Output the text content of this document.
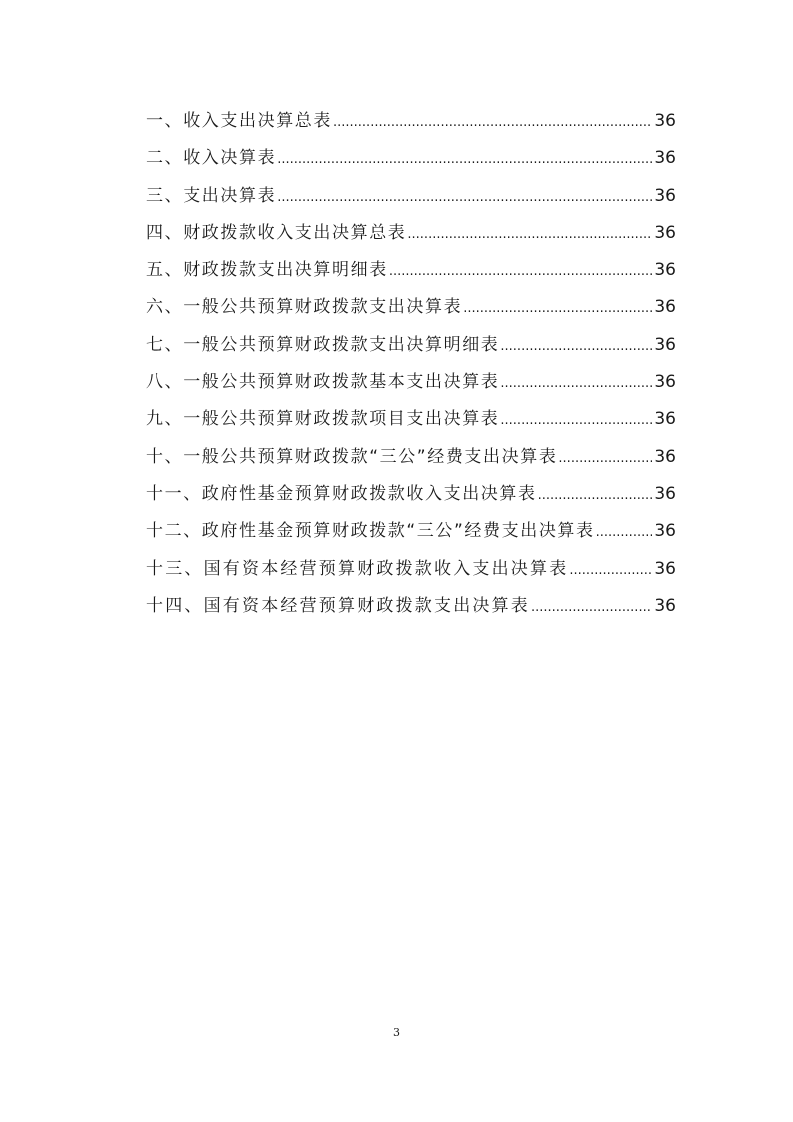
一、收入支出决算总表 .....	36
二、收入决算表 .....	36
三、支出决算表 .....	36
四、财政拨款收入支出决算总表 .....	36
五、财政拨款支出决算明细表 .....	36
六、一般公共预算财政拨款支出决算表 .....	36
七、一般公共预算财政拨款支出决算明细表 .....	36
八、一般公共预算财政拨款基本支出决算表 .....	36
九、一般公共预算财政拨款项目支出决算表 .....	36
十、一般公共预算财政拨款“三公”经费支出决算表 .....	36
十一、政府性基金预算财政拨款收入支出决算表 .....	36
十二、政府性基金预算财政拨款“三公”经费支出决算表 .....	36
十三、国有资本经营预算财政拨款收入支出决算表 .....	36
十四、国有资本经营预算财政拨款支出决算表 .....	36
3
